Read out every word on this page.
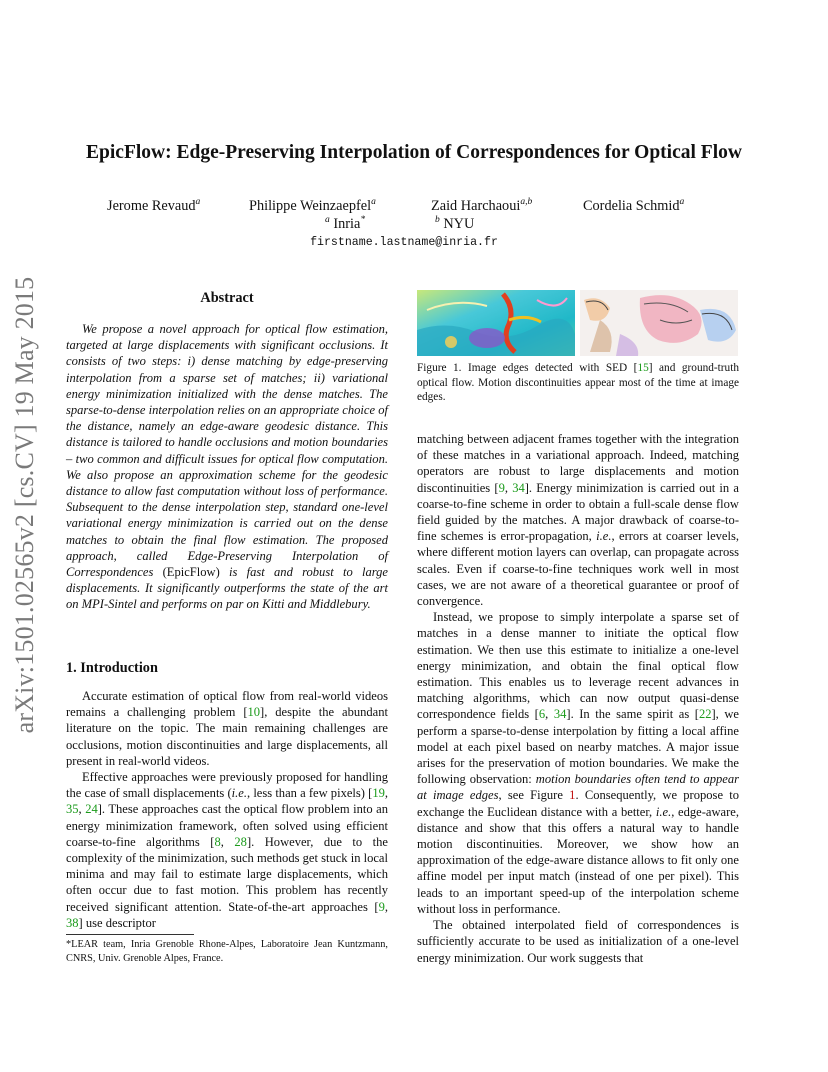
arXiv:1501.02565v2 [cs.CV] 19 May 2015
EpicFlow: Edge-Preserving Interpolation of Correspondences for Optical Flow
Jerome Revaud$^a$	Philippe Weinzaepfel$^a$	Zaid Harchaoui$^{a,b}$	Cordelia Schmid$^a$
$^a$ Inria*	$^b$ NYU
firstname.lastname@inria.fr
Abstract

We propose a novel approach for optical flow estimation, targeted at large displacements with significant occlusions. It consists of two steps: i) dense matching by edge-preserving interpolation from a sparse set of matches; ii) variational energy minimization initialized with the dense matches. The sparse-to-dense interpolation relies on an appropriate choice of the distance, namely an edge-aware geodesic distance. This distance is tailored to handle occlusions and motion boundaries – two common and difficult issues for optical flow computation. We also propose an approximation scheme for the geodesic distance to allow fast computation without loss of performance. Subsequent to the dense interpolation step, standard one-level variational energy minimization is carried out on the dense matches to obtain the final flow estimation. The proposed approach, called Edge-Preserving Interpolation of Correspondences (EpicFlow) is fast and robust to large displacements. It significantly outperforms the state of the art on MPI-Sintel and performs on par on Kitti and Middlebury.

1. Introduction

Accurate estimation of optical flow from real-world videos remains a challenging problem [10], despite the abundant literature on the topic. The main remaining challenges are occlusions, motion discontinuities and large displacements, all present in real-world videos.

Effective approaches were previously proposed for handling the case of small displacements (i.e., less than a few pixels) [19, 35, 24]. These approaches cast the optical flow problem into an energy minimization framework, often solved using efficient coarse-to-fine algorithms [8, 28]. However, due to the complexity of the minimization, such methods get stuck in local minima and may fail to estimate large displacements, which often occur due to fast motion. This problem has recently received significant attention. State-of-the-art approaches [9, 38] use descriptor

*LEAR team, Inria Grenoble Rhone-Alpes, Laboratoire Jean Kuntzmann, CNRS, Univ. Grenoble Alpes, France.
Figure 1. Image edges detected with SED [15] and ground-truth optical flow. Motion discontinuities appear most of the time at image edges.

matching between adjacent frames together with the integration of these matches in a variational approach. Indeed, matching operators are robust to large displacements and motion discontinuities [9, 34]. Energy minimization is carried out in a coarse-to-fine scheme in order to obtain a full-scale dense flow field guided by the matches. A major drawback of coarse-to-fine schemes is error-propagation, i.e., errors at coarser levels, where different motion layers can overlap, can propagate across scales. Even if coarse-to-fine techniques work well in most cases, we are not aware of a theoretical guarantee or proof of convergence.

Instead, we propose to simply interpolate a sparse set of matches in a dense manner to initiate the optical flow estimation. We then use this estimate to initialize a one-level energy minimization, and obtain the final optical flow estimation. This enables us to leverage recent advances in matching algorithms, which can now output quasi-dense correspondence fields [6, 34]. In the same spirit as [22], we perform a sparse-to-dense interpolation by fitting a local affine model at each pixel based on nearby matches. A major issue arises for the preservation of motion boundaries. We make the following observation: motion boundaries often tend to appear at image edges, see Figure 1. Consequently, we propose to exchange the Euclidean distance with a better, i.e., edge-aware, distance and show that this offers a natural way to handle motion discontinuities. Moreover, we show how an approximation of the edge-aware distance allows to fit only one affine model per input match (instead of one per pixel). This leads to an important speed-up of the interpolation scheme without loss in performance.

The obtained interpolated field of correspondences is sufficiently accurate to be used as initialization of a one-level energy minimization. Our work suggests that
